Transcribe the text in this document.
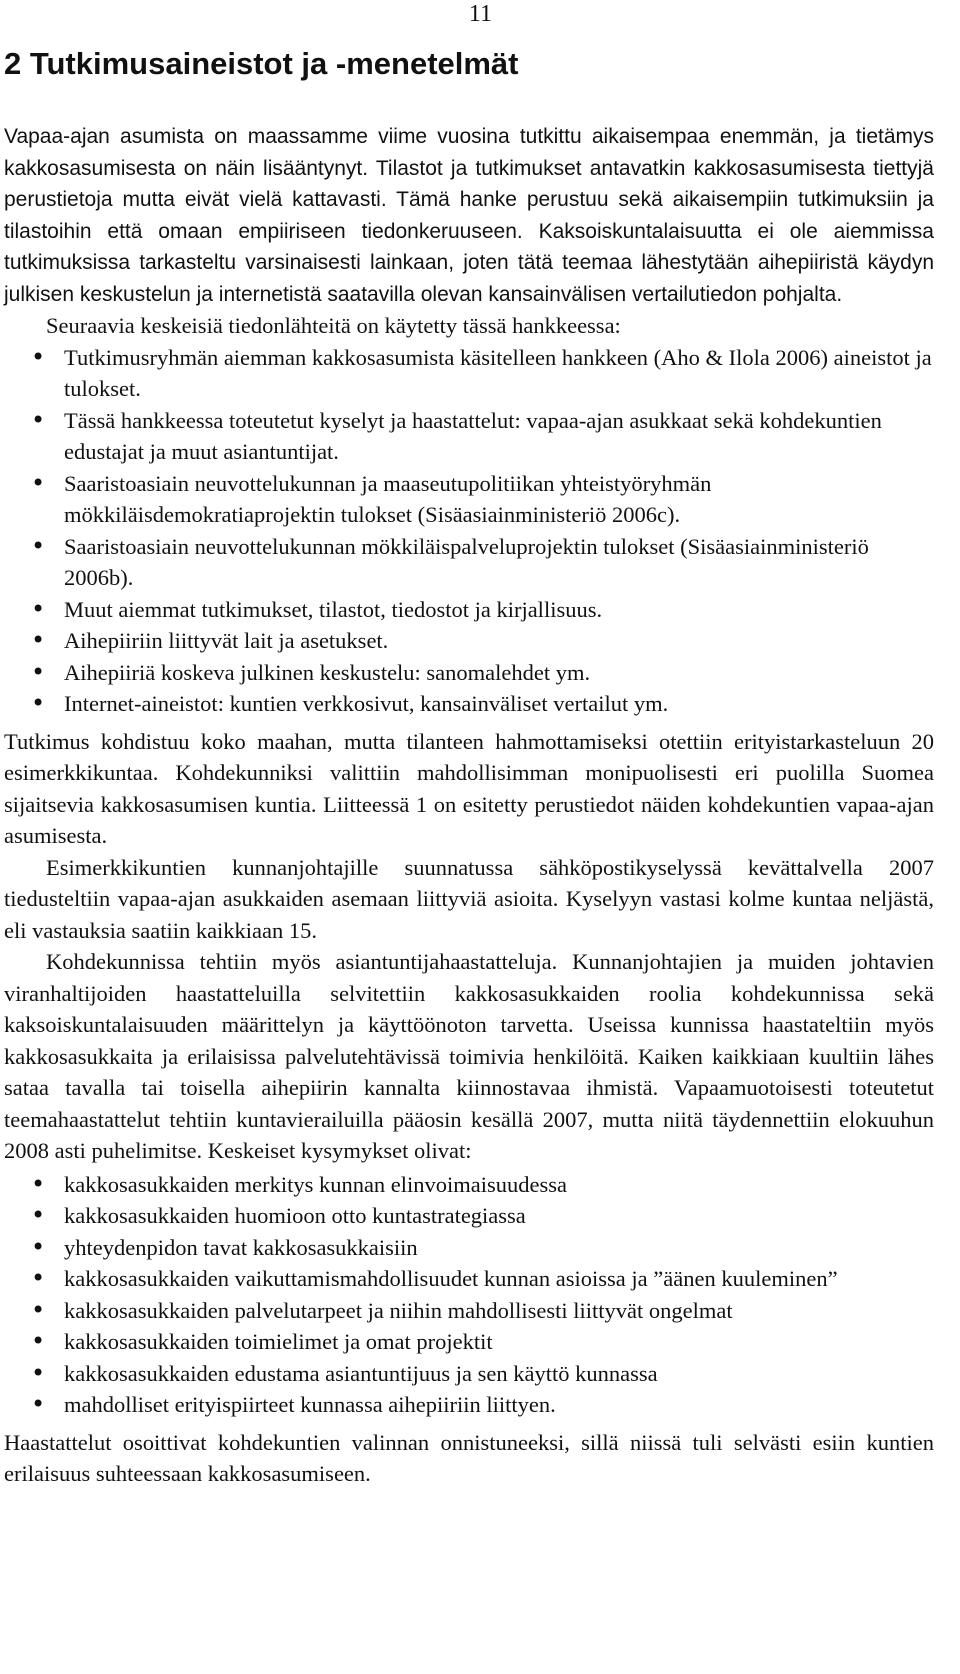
11
2 Tutkimusaineistot ja -menetelmät

Vapaa-ajan asumista on maassamme viime vuosina tutkittu aikaisempaa enemmän, ja tietämys kakkosasumisesta on näin lisääntynyt. Tilastot ja tutkimukset antavatkin kakkosasumisesta tiettyjä perustietoja mutta eivät vielä kattavasti. Tämä hanke perustuu sekä aikaisempiin tutkimuksiin ja tilastoihin että omaan empiiriseen tiedonkeruuseen. Kaksoiskuntalaisuutta ei ole aiemmissa tutkimuksissa tarkasteltu varsinaisesti lainkaan, joten tätä teemaa lähestytään aihepiiristä käydyn julkisen keskustelun ja internetistä saatavilla olevan kansainvälisen vertailutiedon pohjalta.

Seuraavia keskeisiä tiedonlähteitä on käytetty tässä hankkeessa:

• Tutkimusryhmän aiemman kakkosasumista käsitelleen hankkeen (Aho & Ilola 2006) aineistot ja tulokset.
• Tässä hankkeessa toteutetut kyselyt ja haastattelut: vapaa-ajan asukkaat sekä kohdekuntien edustajat ja muut asiantuntijat.
• Saaristoasiain neuvottelukunnan ja maaseutupolitiikan yhteistyöryhmän mökkiläisdemokratiaprojektin tulokset (Sisäasiainministeriö 2006c).
• Saaristoasiain neuvottelukunnan mökkiläispalveluprojektin tulokset (Sisäasiainministeriö 2006b).
• Muut aiemmat tutkimukset, tilastot, tiedostot ja kirjallisuus.
• Aihepiiriin liittyvät lait ja asetukset.
• Aihepiiriä koskeva julkinen keskustelu: sanomalehdet ym.
• Internet-aineistot: kuntien verkkosivut, kansainväliset vertailut ym.

Tutkimus kohdistuu koko maahan, mutta tilanteen hahmottamiseksi otettiin erityistarkasteluun 20 esimerkkikuntaa. Kohdekunniksi valittiin mahdollisimman monipuolisesti eri puolilla Suomea sijaitsevia kakkosasumisen kuntia. Liitteessä 1 on esitetty perustiedot näiden kohdekuntien vapaa-ajan asumisesta.

Esimerkkikuntien kunnanjohtajille suunnatussa sähköpostikyselyssä kevättalvella 2007 tiedusteltiin vapaa-ajan asukkaiden asemaan liittyviä asioita. Kyselyyn vastasi kolme kuntaa neljästä, eli vastauksia saatiin kaikkiaan 15.

Kohdekunnissa tehtiin myös asiantuntijahaastatteluja. Kunnanjohtajien ja muiden johtavien viranhaltijoiden haastatteluilla selvitettiin kakkosasukkaiden roolia kohdekunnissa sekä kaksoiskuntalaisuuden määrittelyn ja käyttöönoton tarvetta. Useissa kunnissa haastateltiin myös kakkosasukkaita ja erilaisissa palvelutehtävissä toimivia henkilöitä. Kaiken kaikkiaan kuultiin lähes sataa tavalla tai toisella aihepiirin kannalta kiinnostavaa ihmistä. Vapaamuotoisesti toteutetut teemahaastattelut tehtiin kuntavierailuilla pääosin kesällä 2007, mutta niitä täydennettiin elokuuhun 2008 asti puhelimitse. Keskeiset kysymykset olivat:

• kakkosasukkaiden merkitys kunnan elinvoimaisuudessa
• kakkosasukkaiden huomioon otto kuntastrategiassa
• yhteydenpidon tavat kakkosasukkaisiin
• kakkosasukkaiden vaikuttamismahdollisuudet kunnan asioissa ja ”äänen kuuleminen”
• kakkosasukkaiden palvelutarpeet ja niihin mahdollisesti liittyvät ongelmat
• kakkosasukkaiden toimielimet ja omat projektit
• kakkosasukkaiden edustama asiantuntijuus ja sen käyttö kunnassa
• mahdolliset erityispiirteet kunnassa aihepiiriin liittyen.

Haastattelut osoittivat kohdekuntien valinnan onnistuneeksi, sillä niissä tuli selvästi esiin kuntien erilaisuus suhteessaan kakkosasumiseen.
